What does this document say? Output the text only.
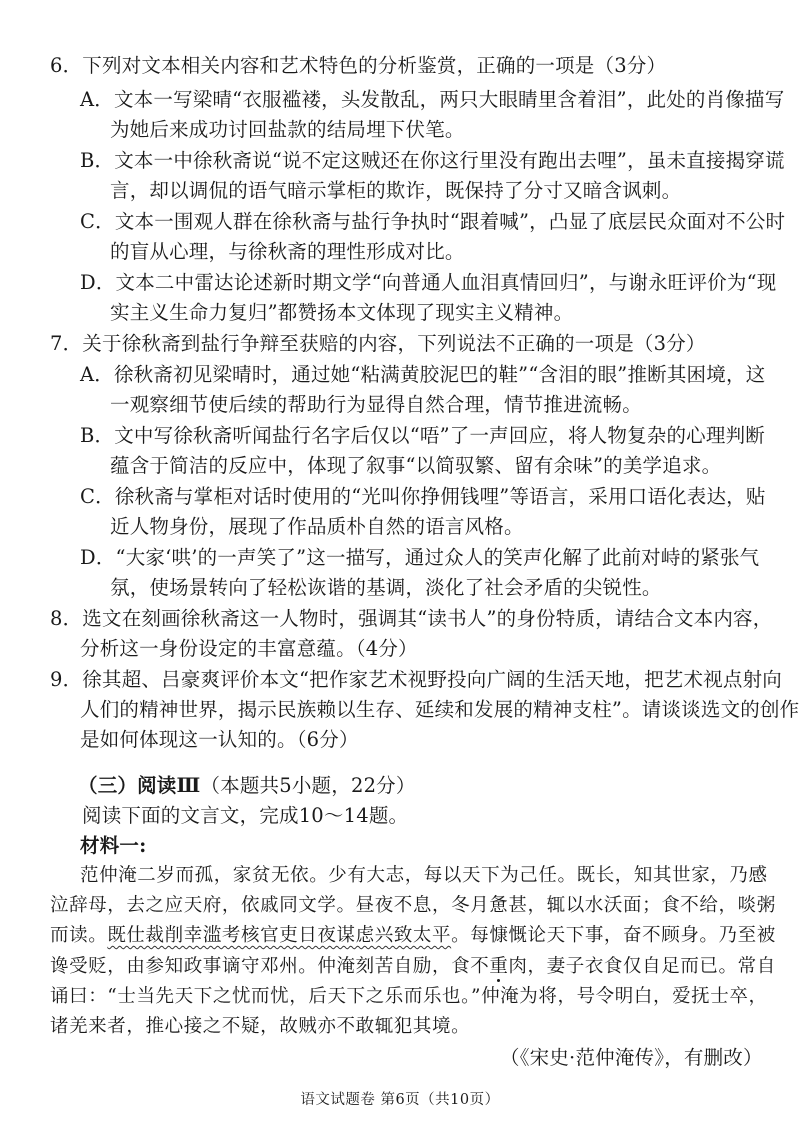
6．下列对文本相关内容和艺术特色的分析鉴赏，正确的一项是（3分）
A．文本一写梁晴“衣服褴褛，头发散乱，两只大眼睛里含着泪”，此处的肖像描写
为她后来成功讨回盐款的结局埋下伏笔。
B．文本一中徐秋斋说“说不定这贼还在你这行里没有跑出去哩”，虽未直接揭穿谎
言，却以调侃的语气暗示掌柜的欺诈，既保持了分寸又暗含讽刺。
C．文本一围观人群在徐秋斋与盐行争执时“跟着喊”，凸显了底层民众面对不公时
的盲从心理，与徐秋斋的理性形成对比。
D．文本二中雷达论述新时期文学“向普通人血泪真情回归”，与谢永旺评价为“现
实主义生命力复归”都赞扬本文体现了现实主义精神。
7．关于徐秋斋到盐行争辩至获赔的内容，下列说法不正确的一项是（3分）
A．徐秋斋初见梁晴时，通过她“粘满黄胶泥巴的鞋”“含泪的眼”推断其困境，这
一观察细节使后续的帮助行为显得自然合理，情节推进流畅。
B．文中写徐秋斋听闻盐行名字后仅以“唔”了一声回应，将人物复杂的心理判断
蕴含于简洁的反应中，体现了叙事“以简驭繁、留有余味”的美学追求。
C．徐秋斋与掌柜对话时使用的“光叫你挣佣钱哩”等语言，采用口语化表达，贴
近人物身份，展现了作品质朴自然的语言风格。
D．“大家‘哄’的一声笑了”这一描写，通过众人的笑声化解了此前对峙的紧张气
氛，使场景转向了轻松诙谐的基调，淡化了社会矛盾的尖锐性。
8．选文在刻画徐秋斋这一人物时，强调其“读书人”的身份特质，请结合文本内容，
分析这一身份设定的丰富意蕴。（4分）
9．徐其超、吕豪爽评价本文“把作家艺术视野投向广阔的生活天地，把艺术视点射向
人们的精神世界，揭示民族赖以生存、延续和发展的精神支柱”。请谈谈选文的创作
是如何体现这一认知的。（6分）
（三）阅读Ⅲ（本题共5小题，22分）
阅读下面的文言文，完成10～14题。
材料一:
范仲淹二岁而孤，家贫无依。少有大志，每以天下为己任。既长，知其世家，乃感
泣辞母，去之应天府，依戚同文学。昼夜不息，冬月惫甚，辄以水沃面；食不给，啖粥
而读。既仕裁削幸滥考核官吏日夜谋虑兴致太平。每慷慨论天下事，奋不顾身。乃至被
谗受贬，由参知政事谪守邓州。仲淹刻苦自励，食不重肉，妻子衣食仅自足而已。常自
诵曰：“士当先天下之忧而忧，后天下之乐而乐也。”仲淹为将，号令明白，爱抚士卒，
诸羌来者，推心接之不疑，故贼亦不敢辄犯其境。
（《宋史·范仲淹传》，有删改）
语文试题卷 第6页（共10页）
